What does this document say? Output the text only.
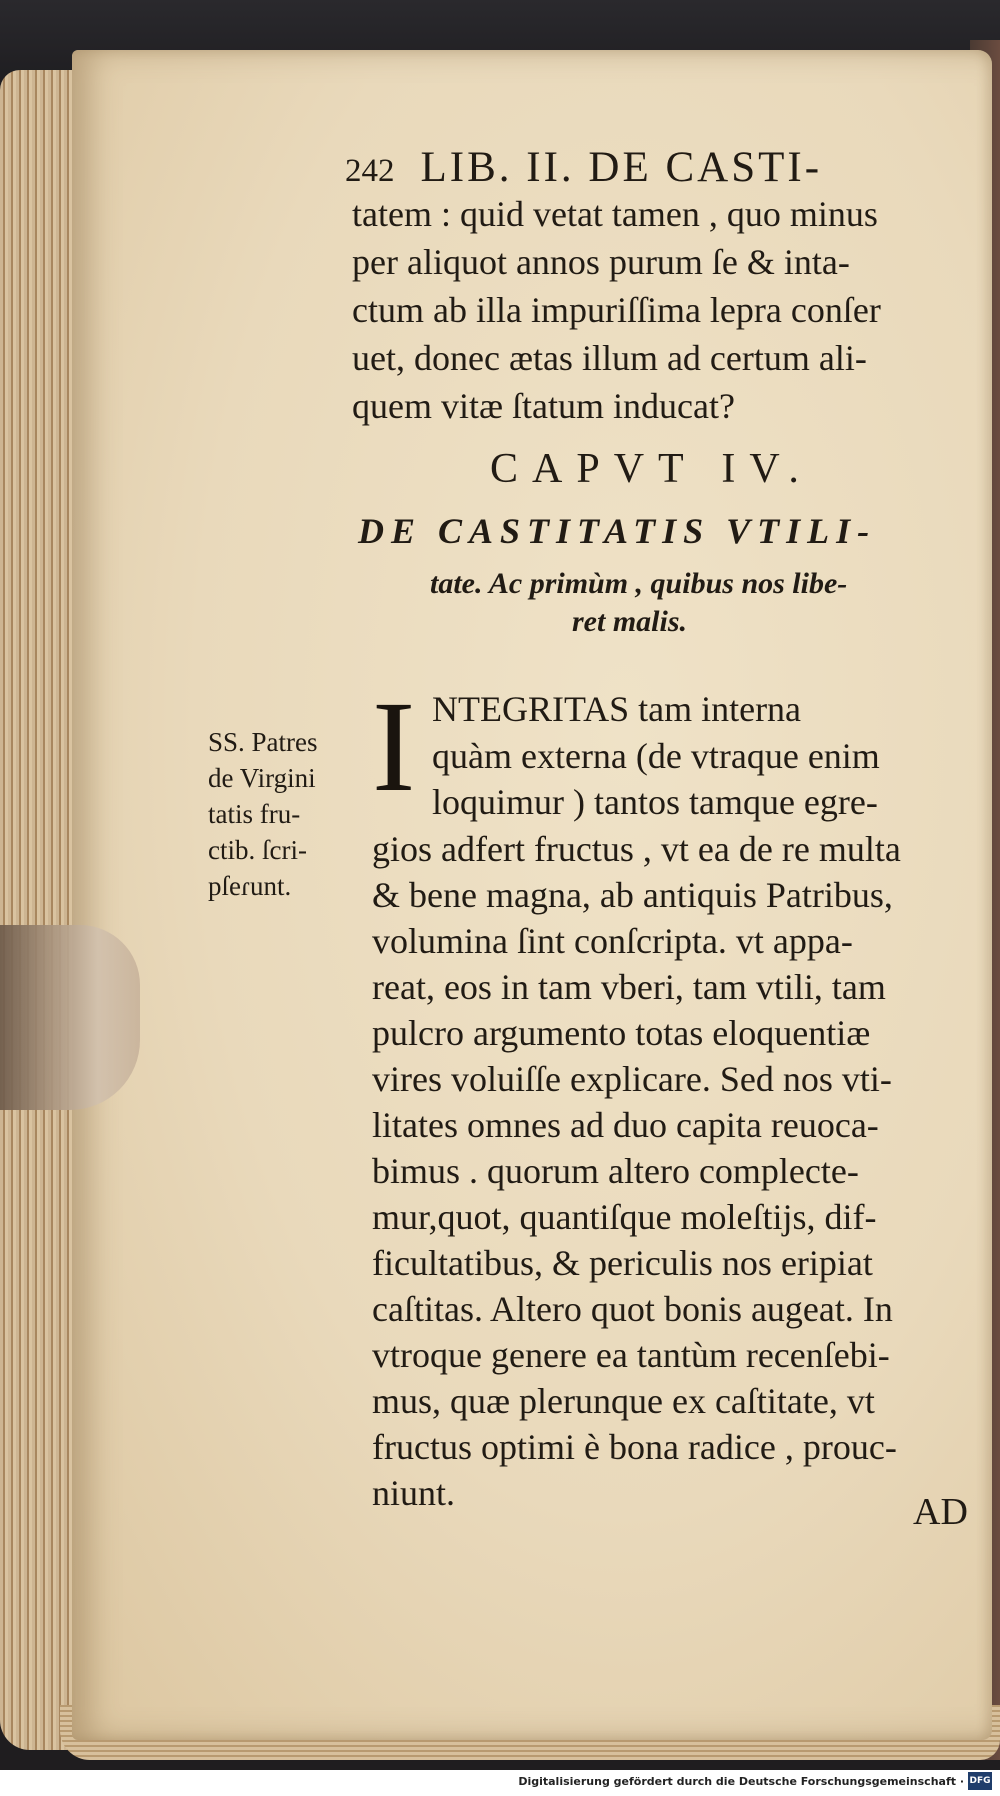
242 LIB. II. DE CASTI-
tatem : quid vetat tamen , quo minus
per aliquot annos purum ſe & inta-
ctum ab illa impuriſſima lepra conſer
uet, donec ætas illum ad certum ali-
quem vitæ ſtatum inducat?
CAPVT IV.
DE CASTITATIS VTILI-
tate. Ac primùm , quibus nos libe-
ret malis.
I NTEGRITAS tam interna
quàm externa (de vtraque enim
loquimur ) tantos tamque egre-
gios adfert fructus , vt ea de re multa
& bene magna, ab antiquis Patribus,
volumina ſint conſcripta. vt appa-
reat, eos in tam vberi, tam vtili, tam
pulcro argumento totas eloquentiæ
vires voluiſſe explicare. Sed nos vti-
litates omnes ad duo capita reuoca-
bimus . quorum altero complecte-
mur,quot, quantiſque moleſtijs, dif-
ficultatibus, & periculis nos eripiat
caſtitas. Altero quot bonis augeat. In
vtroque genere ea tantùm recenſebi-
mus, quæ plerunque ex caſtitate, vt
fructus optimi è bona radice , prouc-
niunt.
SS. Patres
de Virgini
tatis fru-
ctib. ſcri-
pſeɾunt.
AD
Digitalisierung gefördert durch die Deutsche Forschungsgemeinschaft · DFG
